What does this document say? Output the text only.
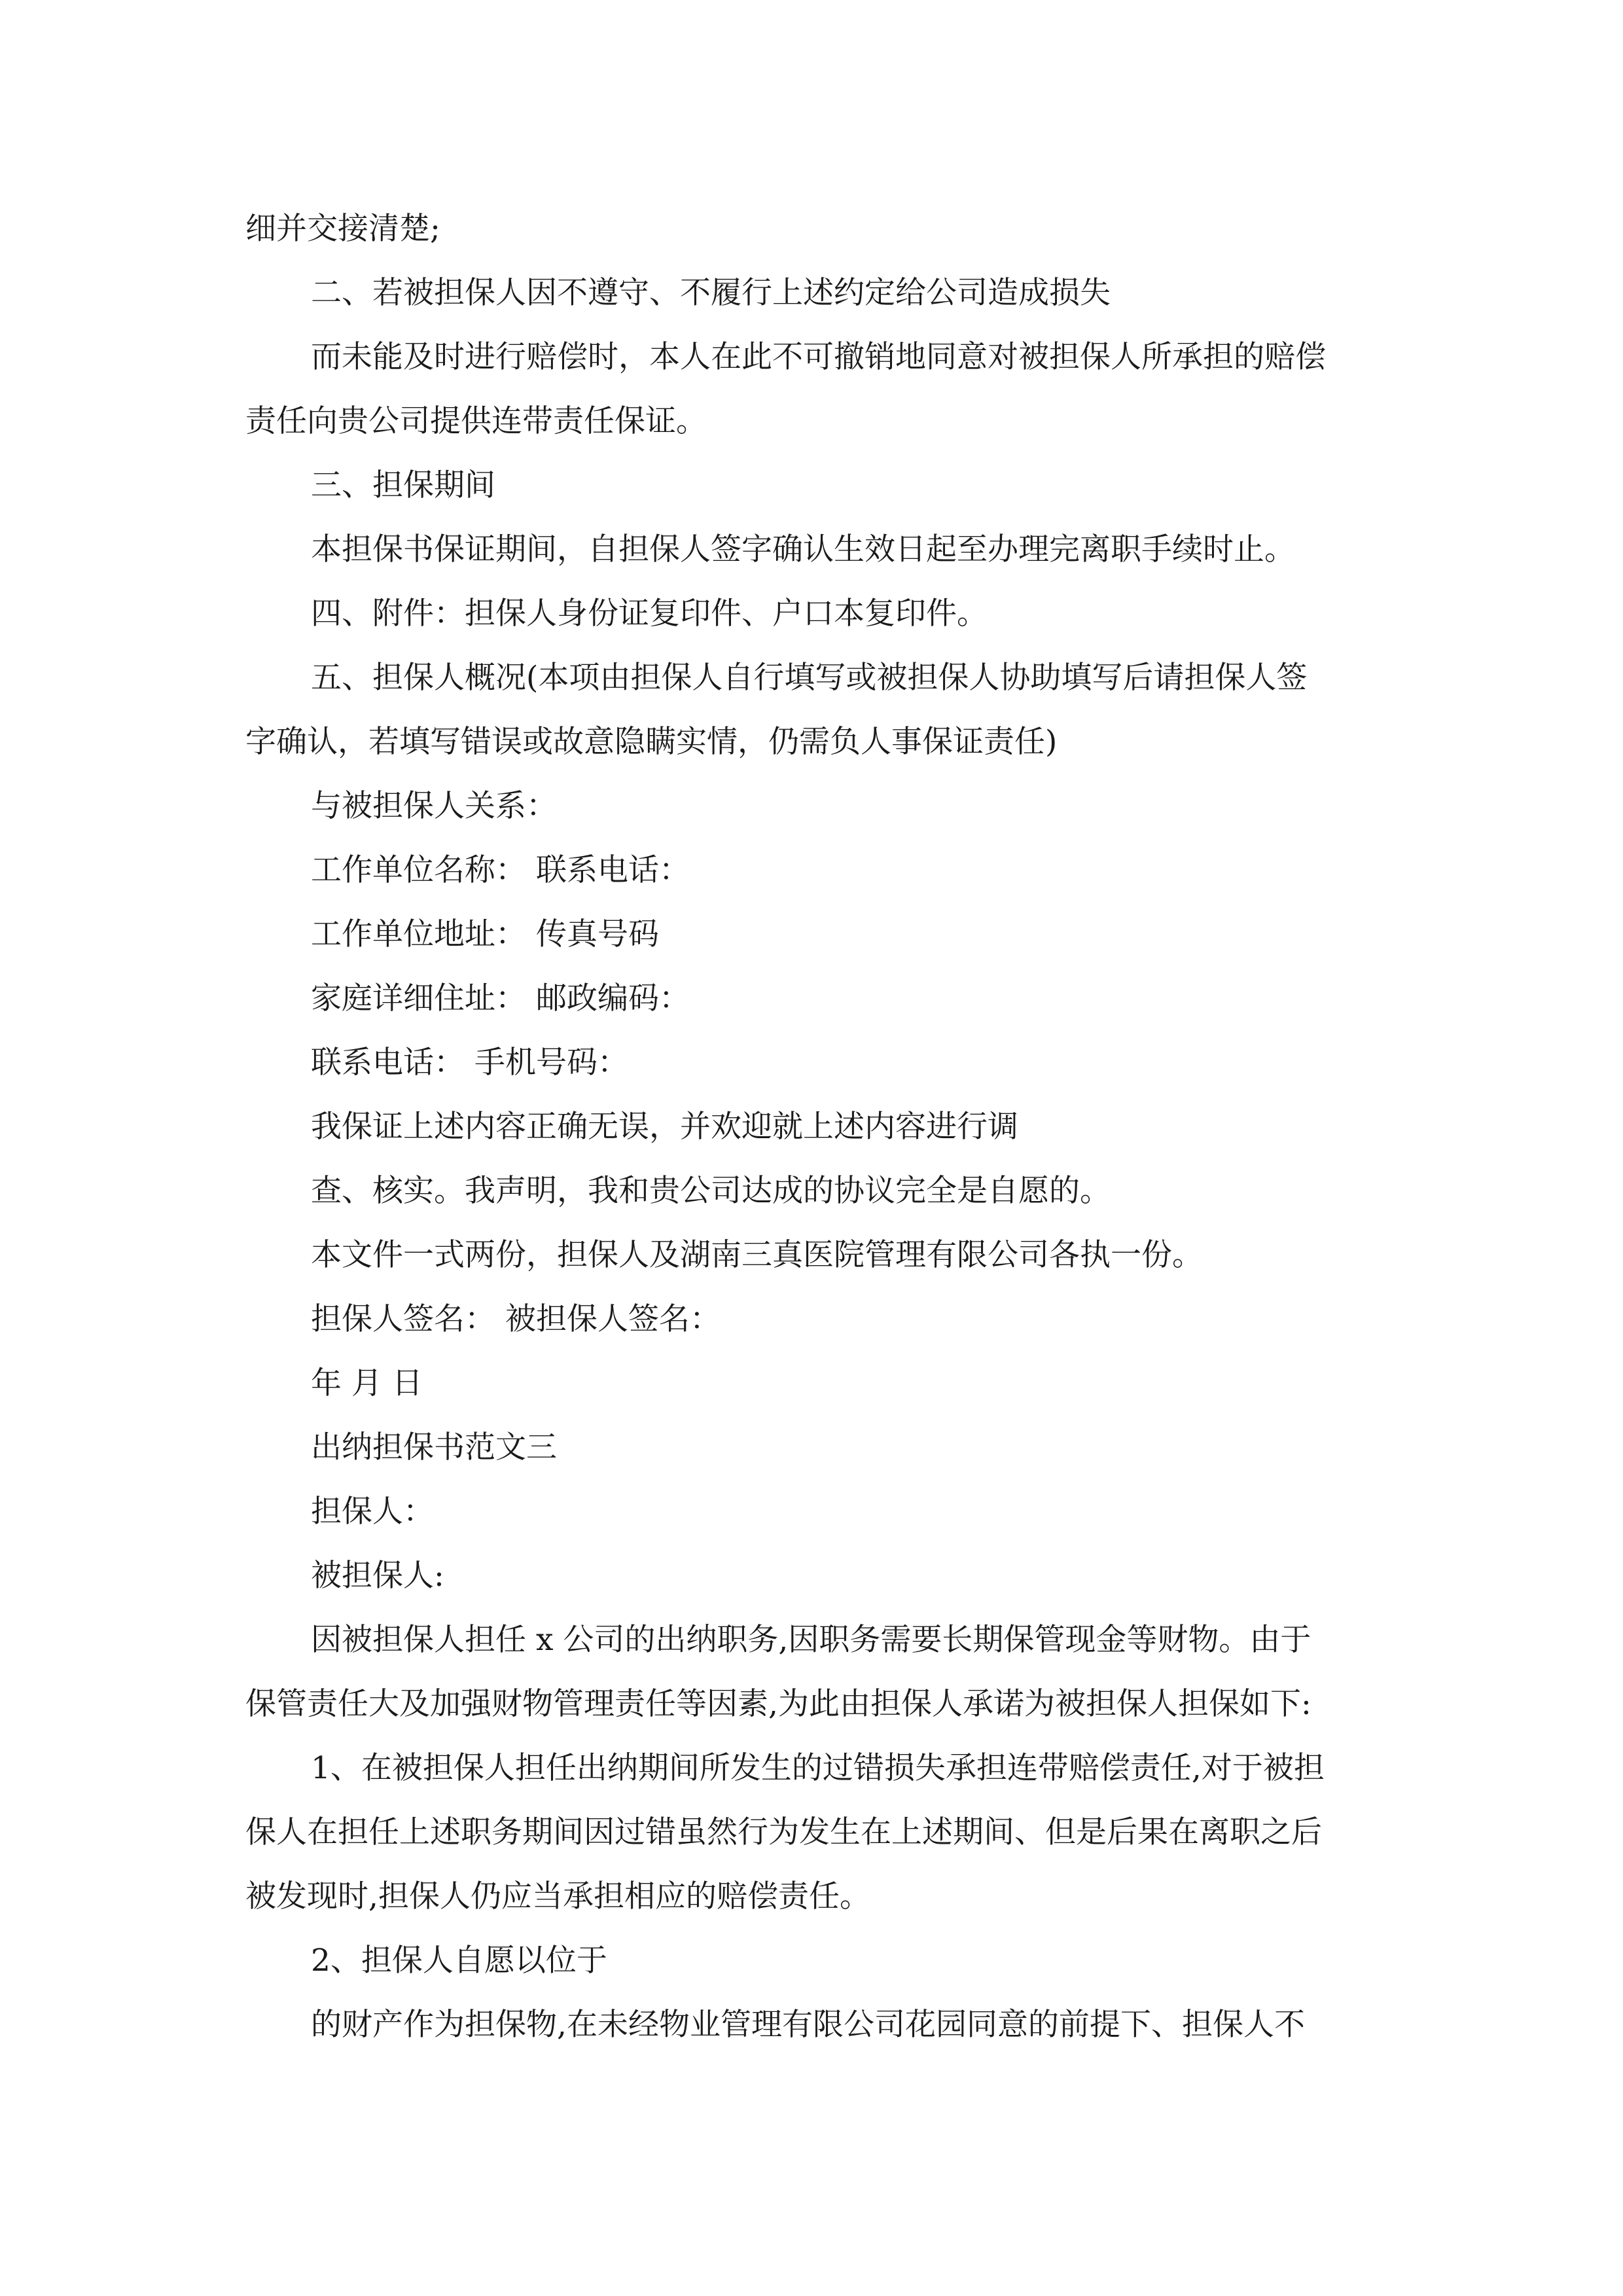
细并交接清楚;
二、若被担保人因不遵守、不履行上述约定给公司造成损失
而未能及时进行赔偿时，本人在此不可撤销地同意对被担保人所承担的赔偿
责任向贵公司提供连带责任保证。
三、担保期间
本担保书保证期间，自担保人签字确认生效日起至办理完离职手续时止。
四、附件：担保人身份证复印件、户口本复印件。
五、担保人概况(本项由担保人自行填写或被担保人协助填写后请担保人签
字确认，若填写错误或故意隐瞒实情，仍需负人事保证责任)
与被担保人关系：
工作单位名称： 联系电话：
工作单位地址： 传真号码
家庭详细住址： 邮政编码：
联系电话： 手机号码：
我保证上述内容正确无误，并欢迎就上述内容进行调
查、核实。我声明，我和贵公司达成的协议完全是自愿的。
本文件一式两份，担保人及湖南三真医院管理有限公司各执一份。
担保人签名： 被担保人签名：
年 月 日
出纳担保书范文三
担保人：
被担保人:
因被担保人担任 x 公司的出纳职务,因职务需要长期保管现金等财物。由于
保管责任大及加强财物管理责任等因素,为此由担保人承诺为被担保人担保如下:
1、在被担保人担任出纳期间所发生的过错损失承担连带赔偿责任,对于被担
保人在担任上述职务期间因过错虽然行为发生在上述期间、但是后果在离职之后
被发现时,担保人仍应当承担相应的赔偿责任。
2、担保人自愿以位于
的财产作为担保物,在未经物业管理有限公司花园同意的前提下、担保人不
